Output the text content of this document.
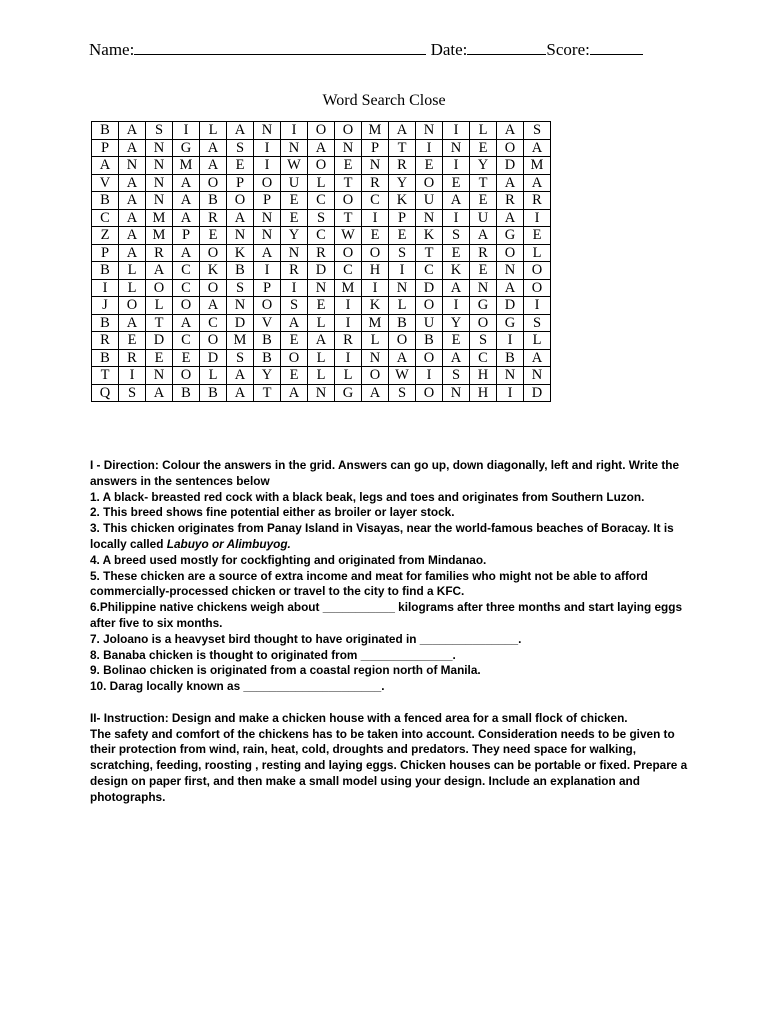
Name:	Date:	Score:
Word Search Close
B	A	S	I	L	A	N	I	O	O	M	A	N	I	L	A	S
P	A	N	G	A	S	I	N	A	N	P	T	I	N	E	O	A
A	N	N	M	A	E	I	W	O	E	N	R	E	I	Y	D	M
V	A	N	A	O	P	O	U	L	T	R	Y	O	E	T	A	A
B	A	N	A	B	O	P	E	C	O	C	K	U	A	E	R	R
C	A	M	A	R	A	N	E	S	T	I	P	N	I	U	A	I
Z	A	M	P	E	N	N	Y	C	W	E	E	K	S	A	G	E
P	A	R	A	O	K	A	N	R	O	O	S	T	E	R	O	L
B	L	A	C	K	B	I	R	D	C	H	I	C	K	E	N	O
I	L	O	C	O	S	P	I	N	M	I	N	D	A	N	A	O
J	O	L	O	A	N	O	S	E	I	K	L	O	I	G	D	I
B	A	T	A	C	D	V	A	L	I	M	B	U	Y	O	G	S
R	E	D	C	O	M	B	E	A	R	L	O	B	E	S	I	L
B	R	E	E	D	S	B	O	L	I	N	A	O	A	C	B	A
T	I	N	O	L	A	Y	E	L	L	O	W	I	S	H	N	N
Q	S	A	B	B	A	T	A	N	G	A	S	O	N	H	I	D

I - Direction: Colour the answers in the grid. Answers can go up, down diagonally, left and right. Write the answers in the sentences below

1. A black- breasted red cock with a black beak, legs and toes and originates from Southern Luzon.

2. This breed shows fine potential either as broiler or layer stock.

3. This chicken originates from Panay Island in Visayas, near the world-famous beaches of Boracay. It is locally called Labuyo or Alimbuyog.

4. A breed used mostly for cockfighting and originated from Mindanao.

5. These chicken are a source of extra income and meat for families who might not be able to afford commercially-processed chicken or travel to the city to find a KFC.

6.Philippine native chickens weigh about ___________ kilograms after three months and start laying eggs after five to six months.

7. Joloano is a heavyset bird thought to have originated in _______________.

8. Banaba chicken is thought to originated from ______________.

9. Bolinao chicken is originated from a coastal region north of Manila.

10. Darag locally known as _____________________.

II- Instruction: Design and make a chicken house with a fenced area for a small flock of chicken.

The safety and comfort of the chickens has to be taken into account. Consideration needs to be given to their protection from wind, rain, heat, cold, droughts and predators. They need space for walking, scratching, feeding, roosting , resting and laying eggs. Chicken houses can be portable or fixed. Prepare a design on paper first, and then make a small model using your design. Include an explanation and photographs.
